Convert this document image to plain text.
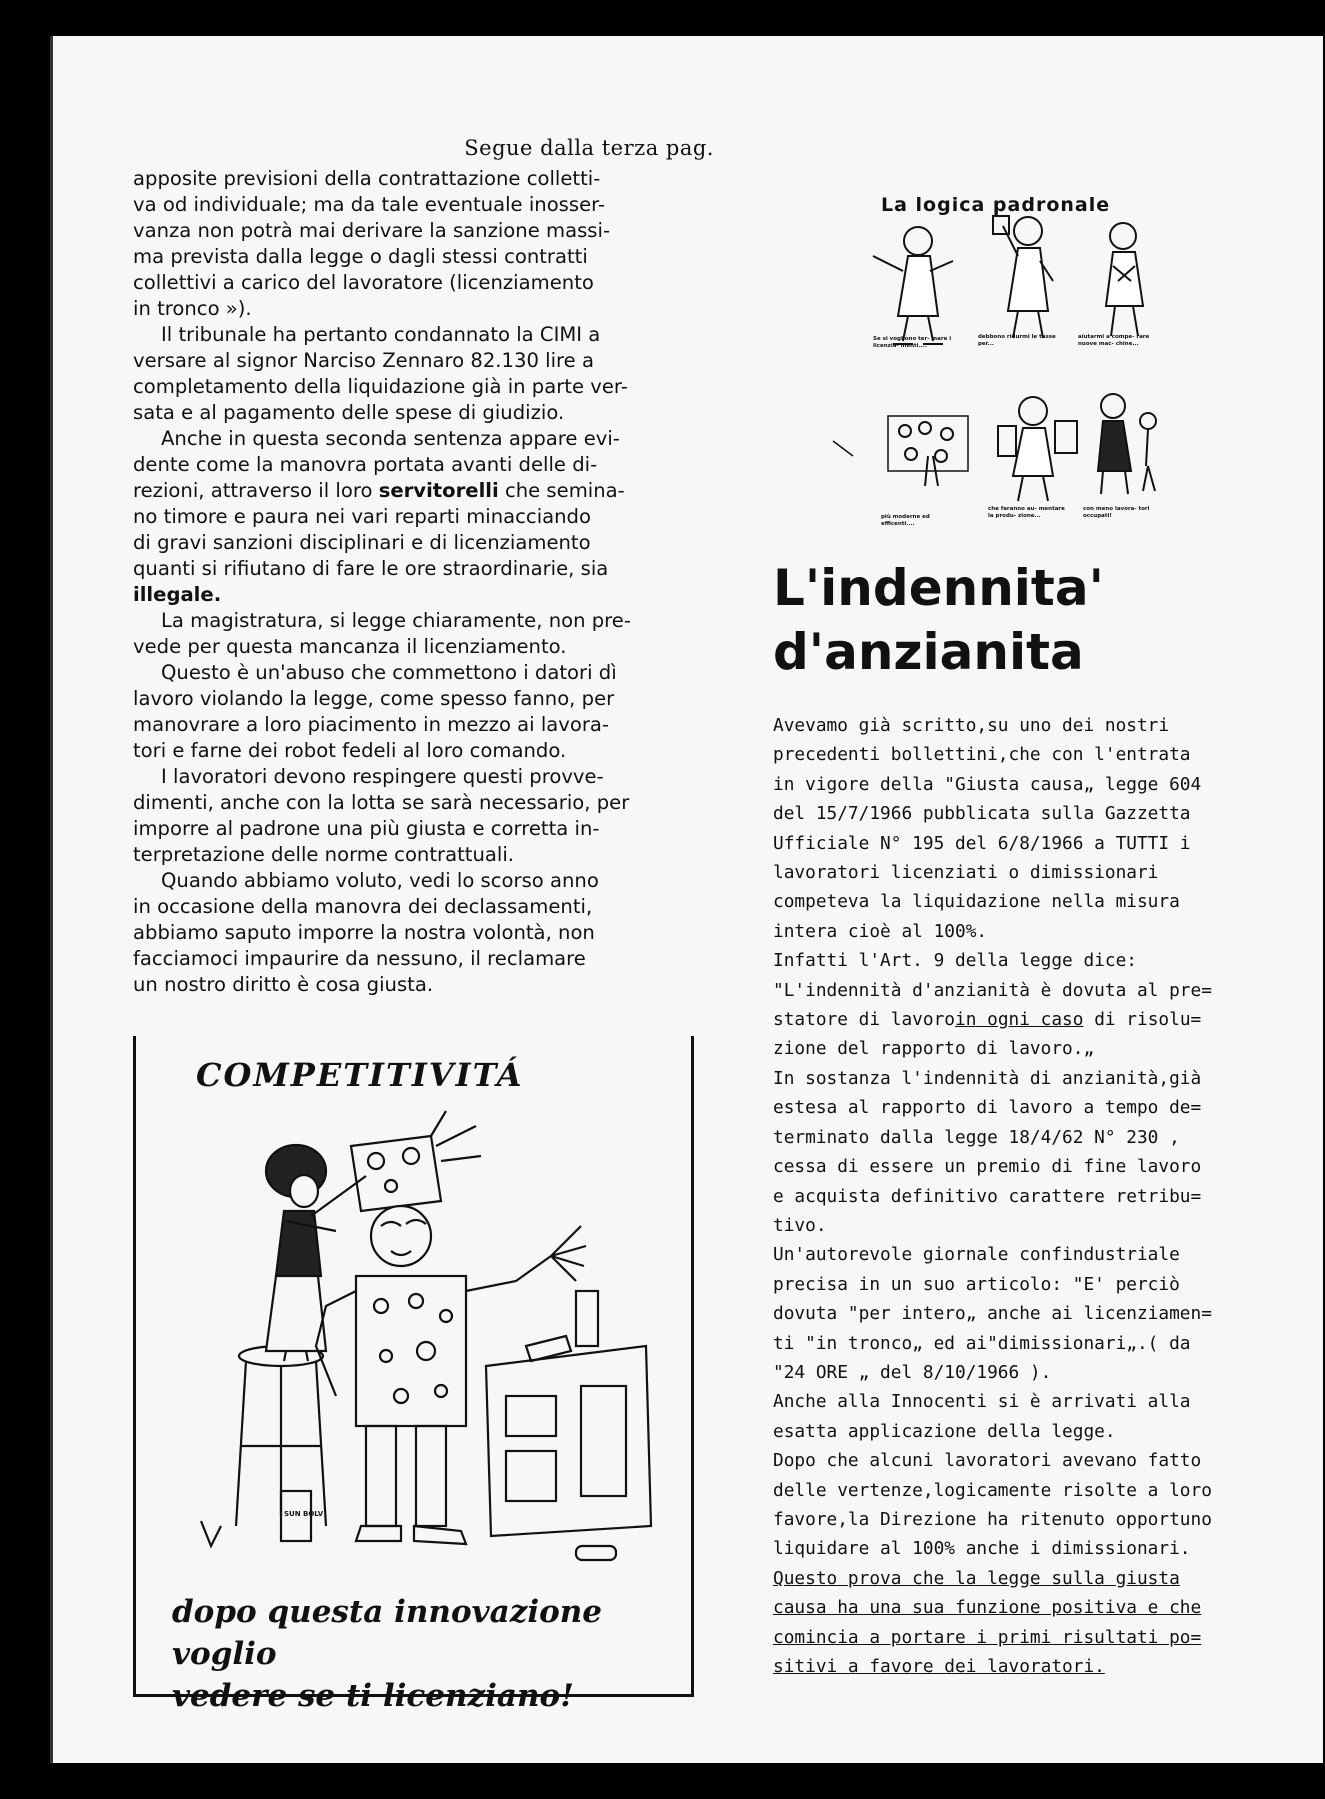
Segue dalla terza pag.

apposite previsioni della contrattazione colletti-
va od individuale; ma da tale eventuale inosser-
vanza non potrà mai derivare la sanzione massi-
ma prevista dalla legge o dagli stessi contratti
collettivi a carico del lavoratore (licenziamento
in tronco »).
Il tribunale ha pertanto condannato la CIMI a
versare al signor Narciso Zennaro 82.130 lire a
completamento della liquidazione già in parte ver-
sata e al pagamento delle spese di giudizio.
Anche in questa seconda sentenza appare evi-
dente come la manovra portata avanti delle di-
rezioni, attraverso il loro servitorelli che semina-
no timore e paura nei vari reparti minacciando
di gravi sanzioni disciplinari e di licenziamento
quanti si rifiutano di fare le ore straordinarie, sia
illegale.
La magistratura, si legge chiaramente, non pre-
vede per questa mancanza il licenziamento.
Questo è un'abuso che commettono i datori dì
lavoro violando la legge, come spesso fanno, per
manovrare a loro piacimento in mezzo ai lavora-
tori e farne dei robot fedeli al loro comando.
I lavoratori devono respingere questi provve-
dimenti, anche con la lotta se sarà necessario, per
imporre al padrone una più giusta e corretta in-
terpretazione delle norme contrattuali.
Quando abbiamo voluto, vedi lo scorso anno
in occasione della manovra dei declassamenti,
abbiamo saputo imporre la nostra volontà, non
facciamoci impaurire da nessuno, il reclamare
un nostro diritto è cosa giusta.
COMPETITIVITÁ
SUN BOLV
dopo questa innovazione voglio
vedere se ti licenziano!
La logica padronale
Se si vogliono ter- mare i licenzia- menti....
debbono ridurmi le tasse per...
aiutarmi a compe- rare nuove mac- chine...
più moderne ed efficenti....
che faranno au- mentare la produ- zione...
con meno lavora- tori occupati!
L'indennita'
d'anzianita
Avevamo già scritto,su uno dei nostri
precedenti bollettini,che con l'entrata
in vigore della "Giusta causa„ legge 604
del 15/7/1966 pubblicata sulla Gazzetta
Ufficiale N° 195 del 6/8/1966 a TUTTI i
lavoratori licenziati o dimissionari
competeva la liquidazione nella misura
intera cioè al 100%.
Infatti l'Art. 9 della legge dice:
"L'indennità d'anzianità è dovuta al pre=
statore di lavoroin ogni caso di risolu=
zione del rapporto di lavoro.„
In sostanza l'indennità di anzianità,già
estesa al rapporto di lavoro a tempo de=
terminato dalla legge 18/4/62 N° 230 ,
cessa di essere un premio di fine lavoro
e acquista definitivo carattere retribu=
tivo.
Un'autorevole giornale confindustriale
precisa in un suo articolo: "E' perciò
dovuta "per intero„ anche ai licenziamen=
ti "in tronco„ ed ai"dimissionari„.( da
"24 ORE „ del 8/10/1966 ).
Anche alla Innocenti si è arrivati alla
esatta applicazione della legge.
Dopo che alcuni lavoratori avevano fatto
delle vertenze,logicamente risolte a loro
favore,la Direzione ha ritenuto opportuno
liquidare al 100% anche i dimissionari.
Questo prova che la legge sulla giusta
causa ha una sua funzione positiva e che
comincia a portare i primi risultati po=
sitivi a favore dei lavoratori.
